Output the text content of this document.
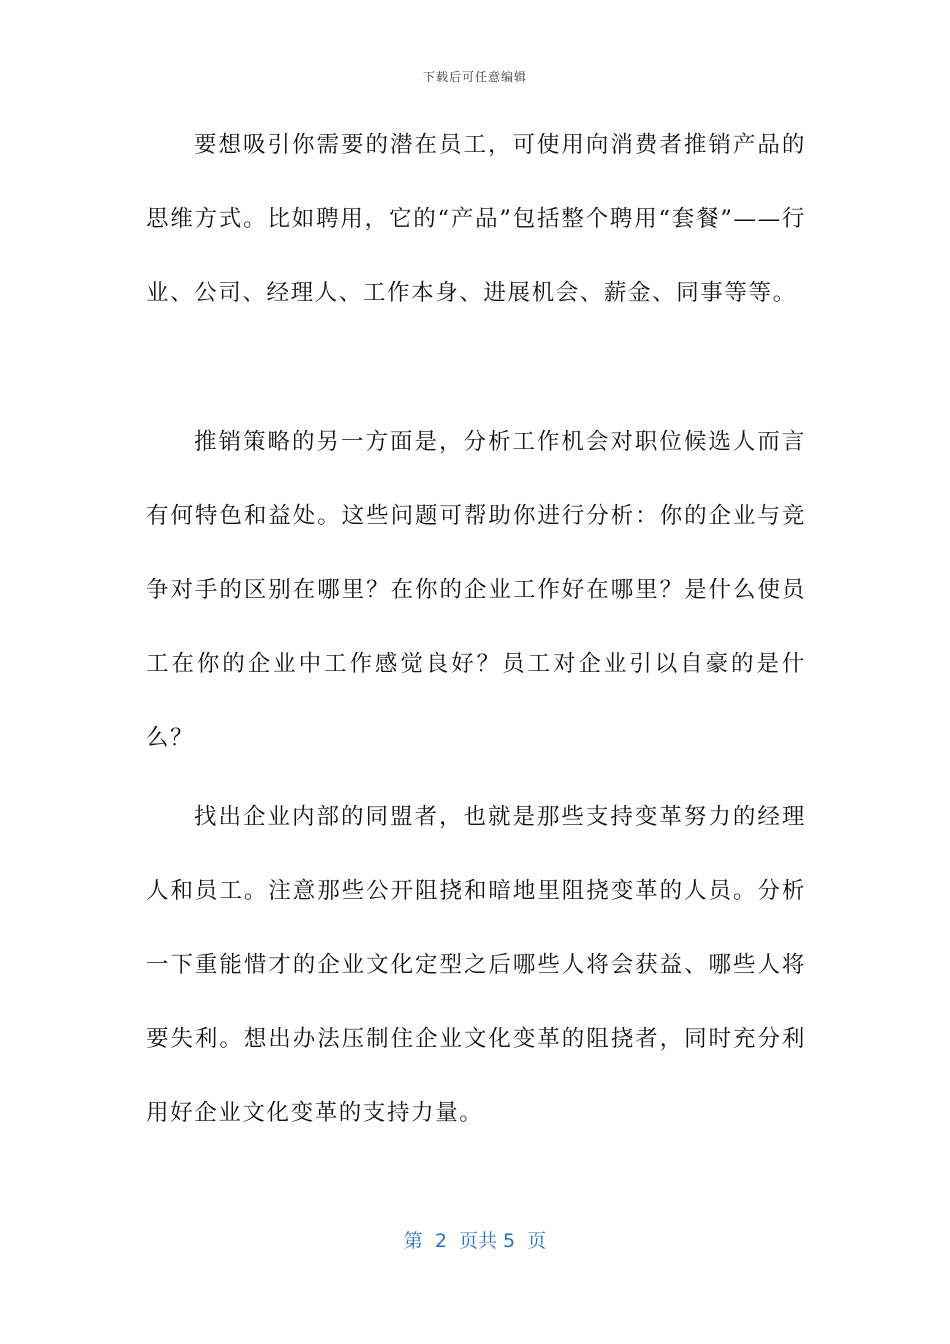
下载后可任意编辑

要想吸引你需要的潜在员工，可使用向消费者推销产品的思维方式。比如聘用，它的“产品”包括整个聘用“套餐”——行业、公司、经理人、工作本身、进展机会、薪金、同事等等。

推销策略的另一方面是，分析工作机会对职位候选人而言有何特色和益处。这些问题可帮助你进行分析：你的企业与竞争对手的区别在哪里？在你的企业工作好在哪里？是什么使员工在你的企业中工作感觉良好？员工对企业引以自豪的是什么？

找出企业内部的同盟者，也就是那些支持变革努力的经理人和员工。注意那些公开阻挠和暗地里阻挠变革的人员。分析一下重能惜才的企业文化定型之后哪些人将会获益、哪些人将要失利。想出办法压制住企业文化变革的阻挠者，同时充分利用好企业文化变革的支持力量。

第  2  页共 5  页
